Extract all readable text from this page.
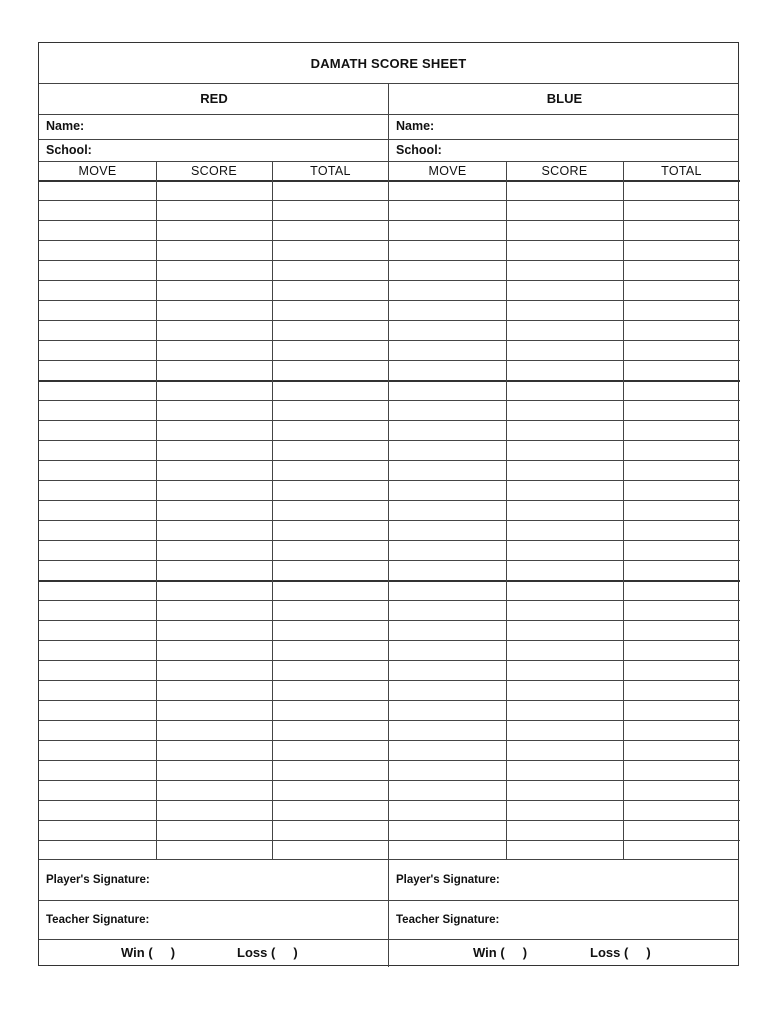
DAMATH SCORE SHEET
RED	BLUE
Name:	Name:
School:	School:
MOVE	SCORE	TOTAL	MOVE	SCORE	TOTAL
Player's Signature:	Player's Signature:
Teacher Signature:	Teacher Signature:
Win (     )	Loss (     )	Win (     )	Loss (     )
